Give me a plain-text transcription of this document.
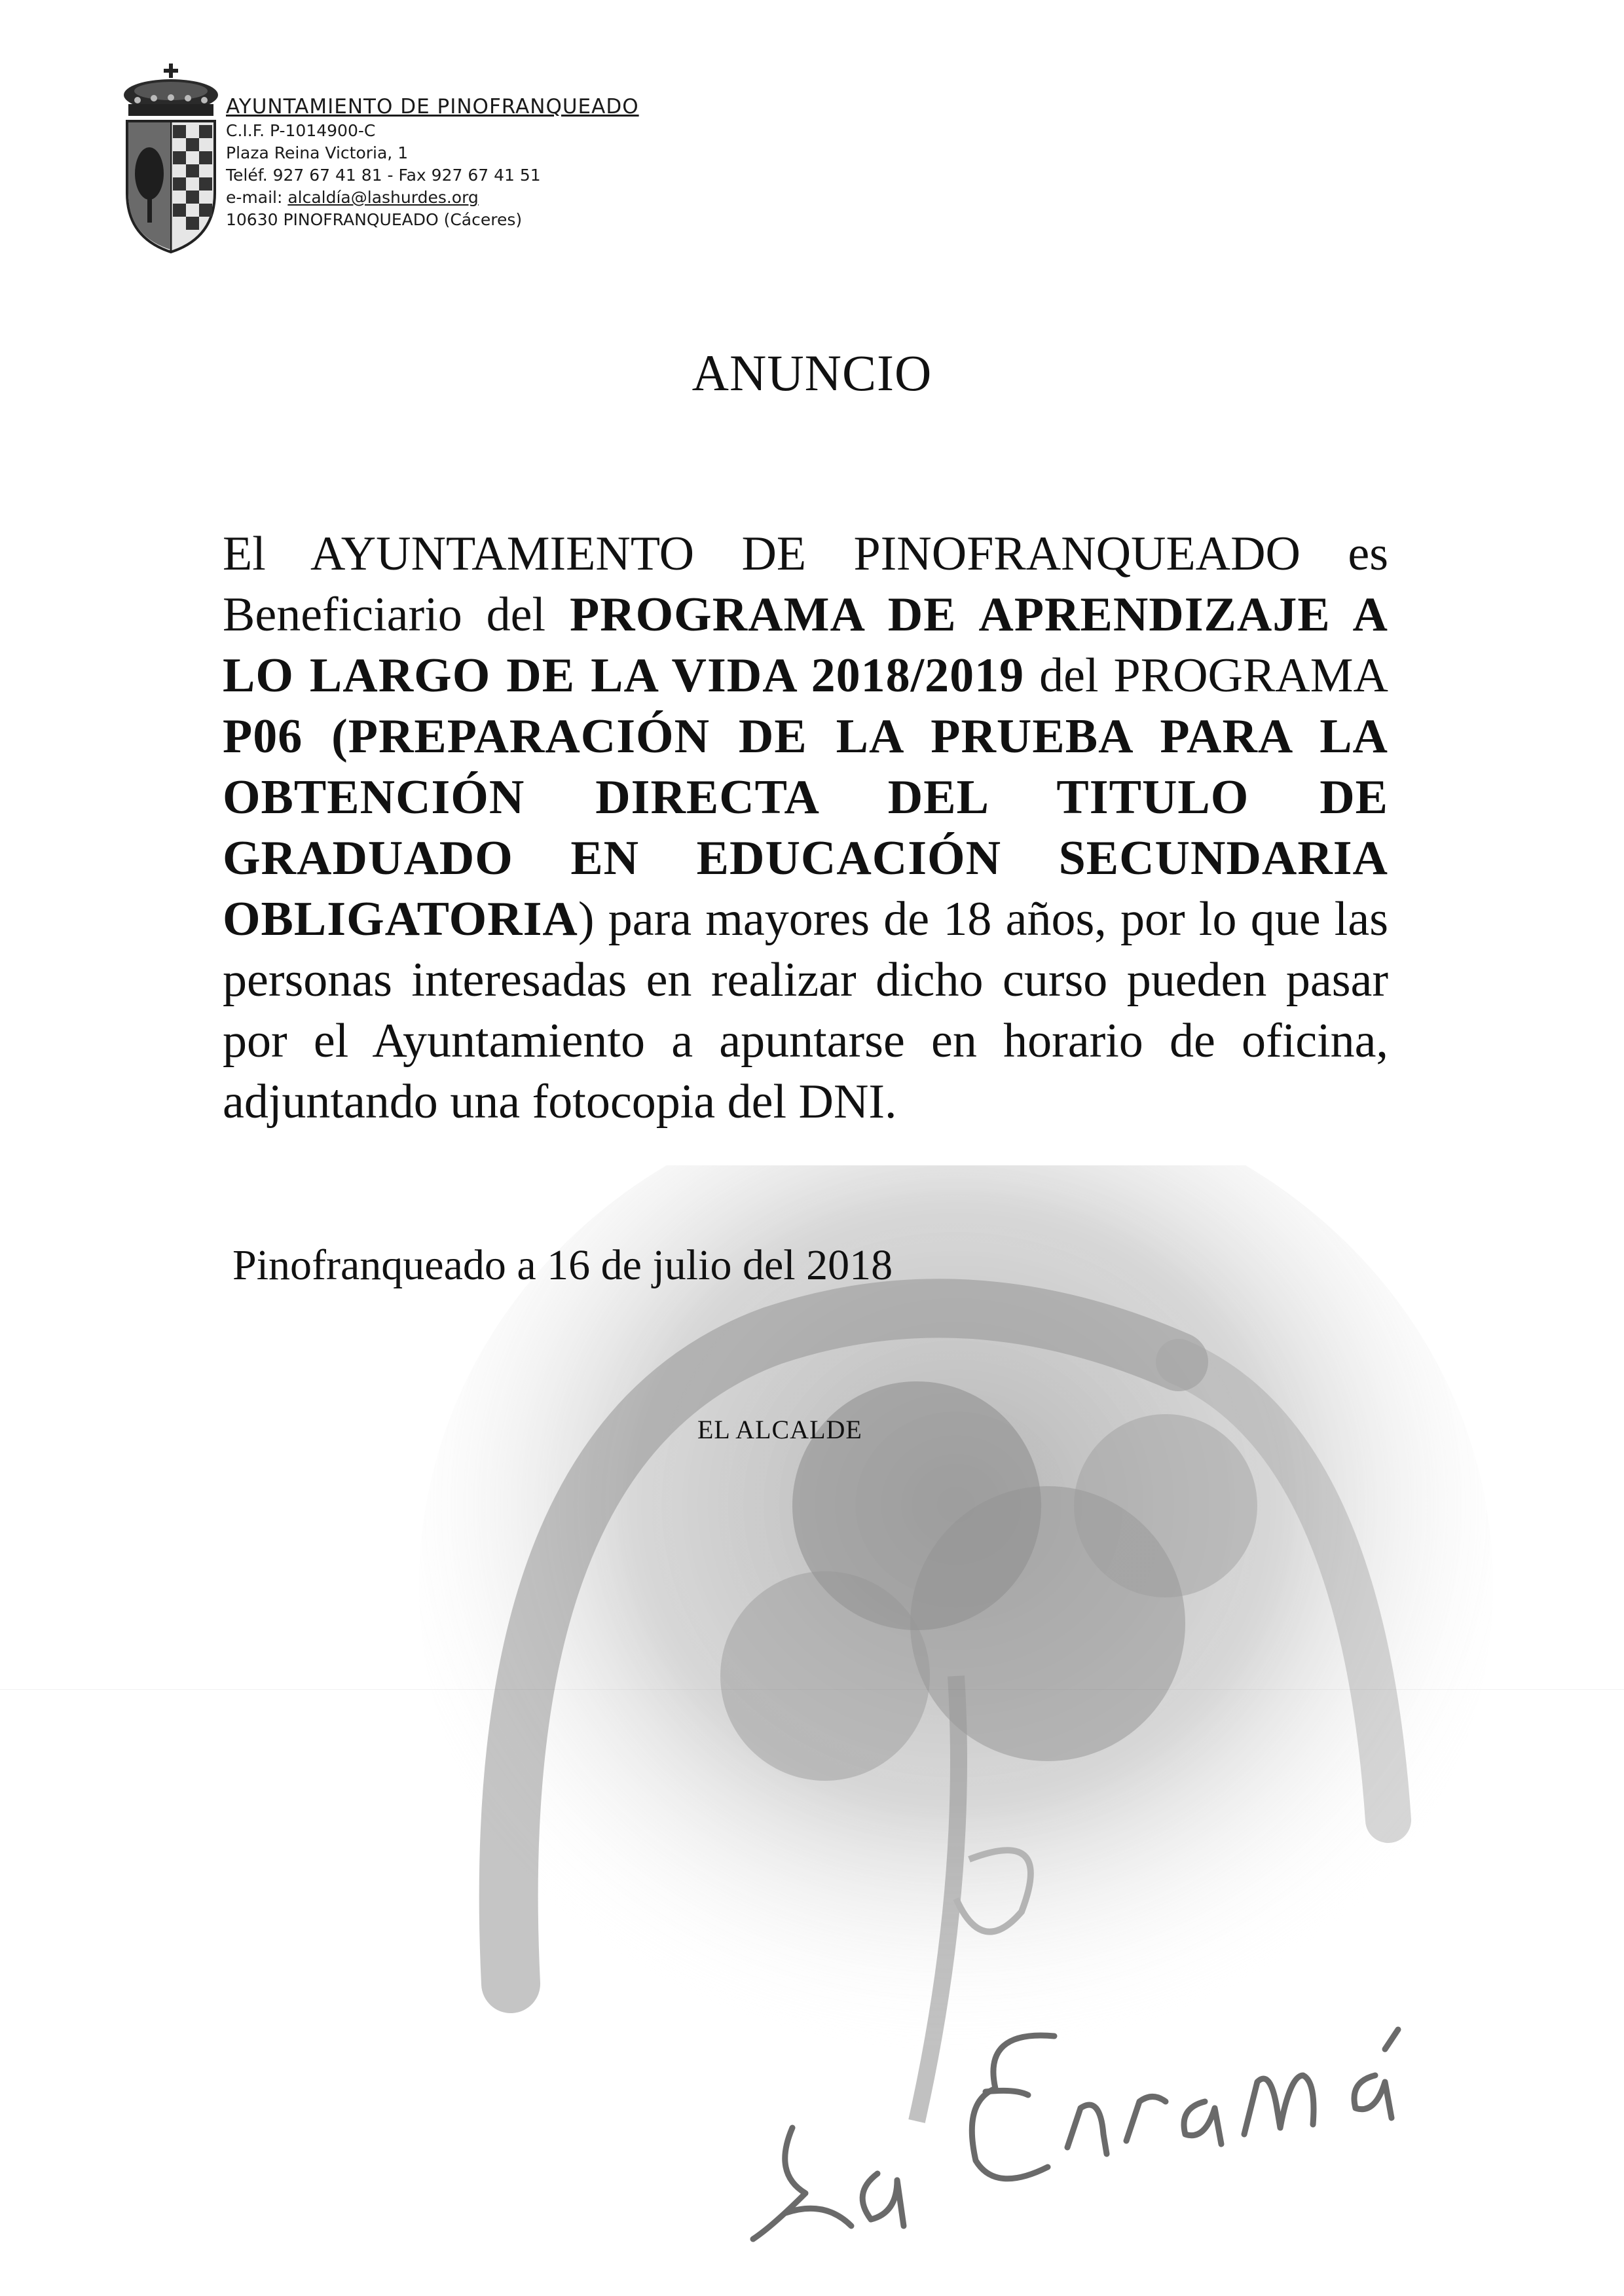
AYUNTAMIENTO DE PINOFRANQUEADO
C.I.F. P-1014900-C
Plaza Reina Victoria, 1
Teléf. 927 67 41 81 - Fax 927 67 41 51
e-mail: alcaldía@lashurdes.org
10630 PINOFRANQUEADO (Cáceres)
ANUNCIO
El AYUNTAMIENTO DE PINOFRANQUEADO es Beneficiario del PROGRAMA DE APRENDIZAJE A LO LARGO DE LA VIDA 2018/2019 del PROGRAMA P06 (PREPARACIÓN DE LA PRUEBA PARA LA OBTENCIÓN DIRECTA DEL TITULO DE GRADUADO EN EDUCACIÓN SECUNDARIA OBLIGATORIA) para mayores de 18 años, por lo que las personas interesadas en realizar dicho curso pueden pasar por el Ayuntamiento a apuntarse en horario de oficina, adjuntando una fotocopia del DNI.
Pinofranqueado a 16 de julio del 2018
EL ALCALDE
